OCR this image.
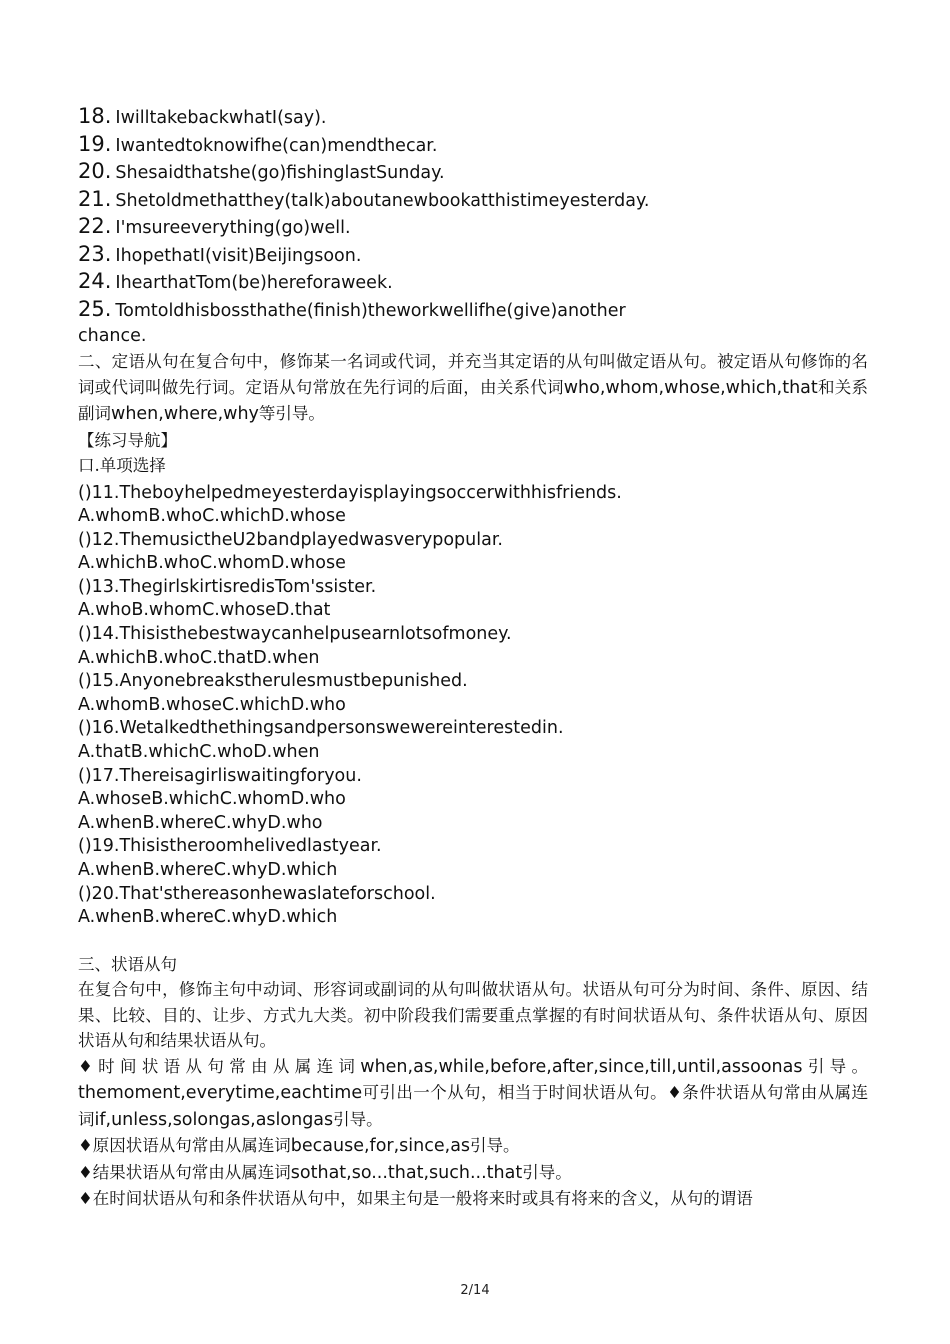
18. IwilltakebackwhatI(say).
19. Iwantedtoknowifhe(can)mendthecar.
20. Shesaidthatshe(go)fishinglastSunday.
21. Shetoldmethatthey(talk)aboutanewbookatthistimeyesterday.
22. I'msureeverything(go)well.
23. IhopethatI(visit)Beijingsoon.
24. IhearthatTom(be)hereforaweek.
25. Tomtoldhisbossthathe(finish)theworkwellifhe(give)another
chance.
二、定语从句在复合句中，修饰某一名词或代词，并充当其定语的从句叫做定语从句。被定语从句修饰的名词或代词叫做先行词。定语从句常放在先行词的后面，由关系代词who,whom,whose,which,that和关系副词when,where,why等引导。
【练习导航】
口.单项选择
()11.Theboyhelpedmeyesterdayisplayingsoccerwithhisfriends.
A.whomB.whoC.whichD.whose
()12.ThemusictheU2bandplayedwasverypopular.
A.whichB.whoC.whomD.whose
()13.ThegirlskirtisredisTom'ssister.
A.whoB.whomC.whoseD.that
()14.Thisisthebestwaycanhelpusearnlotsofmoney.
A.whichB.whoC.thatD.when
()15.Anyonebreakstherulesmustbepunished.
A.whomB.whoseC.whichD.who
()16.Wetalkedthethingsandpersonswewereinterestedin.
A.thatB.whichC.whoD.when
()17.Thereisagirliswaitingforyou.
A.whoseB.whichC.whomD.who
A.whenB.whereC.whyD.who
()19.Thisistheroomhelivedlastyear.
A.whenB.whereC.whyD.which
()20.That'sthereasonhewaslateforschool.
A.whenB.whereC.whyD.which
三、状语从句
在复合句中，修饰主句中动词、形容词或副词的从句叫做状语从句。状语从句可分为时间、条件、原因、结果、比较、目的、让步、方式九大类。初中阶段我们需要重点掌握的有时间状语从句、条件状语从句、原因状语从句和结果状语从句。
♦时间状语从句常由从属连词when,as,while,before,after,since,till,until,assoonas引导。themoment,everytime,eachtime可引出一个从句，相当于时间状语从句。♦条件状语从句常由从属连词if,unless,solongas,aslongas引导。
♦原因状语从句常由从属连词because,for,since,as引导。
♦结果状语从句常由从属连词sothat,so...that,such...that引导。
♦在时间状语从句和条件状语从句中，如果主句是一般将来时或具有将来的含义，从句的谓语
2/14
